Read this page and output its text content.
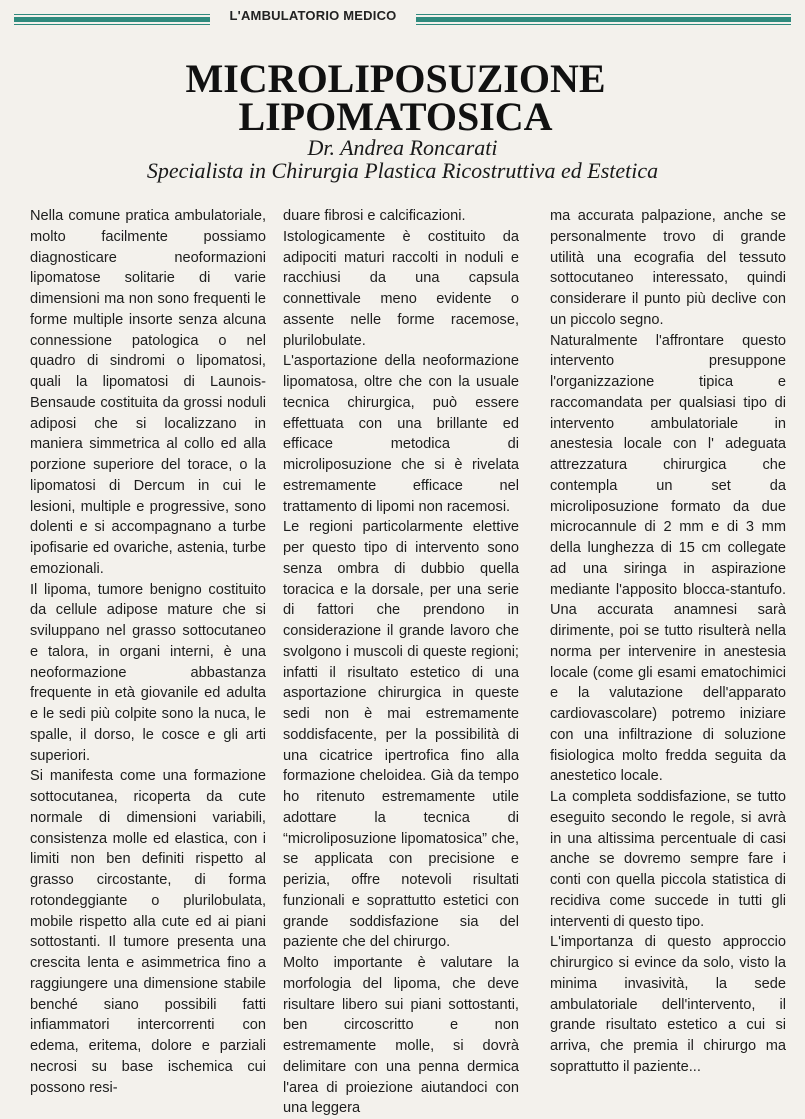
L'AMBULATORIO MEDICO
MICROLIPOSUZIONE
LIPOMATOSICA
Dr. Andrea Roncarati
Specialista in Chirurgia Plastica Ricostruttiva ed Estetica

Nella comune pratica ambulatoriale, molto facilmente possiamo diagnosticare neoformazioni lipomatose solitarie di varie dimensioni ma non sono frequenti le forme multiple insorte senza alcuna connessione patologica o nel quadro di sindromi o lipomatosi, quali la lipomatosi di Launois-Bensaude costituita da grossi noduli adiposi che si localizzano in maniera simmetrica al collo ed alla porzione superiore del torace, o la lipomatosi di Dercum in cui le lesioni, multiple e progressive, sono dolenti e si accompagnano a turbe ipofisarie ed ovariche, astenia, turbe emozionali.

Il lipoma, tumore benigno costituito da cellule adipose mature che si sviluppano nel grasso sottocutaneo e talora, in organi interni, è una neoformazione abbastanza frequente in età giovanile ed adulta e le sedi più colpite sono la nuca, le spalle, il dorso, le cosce e gli arti superiori.

Si manifesta come una formazione sottocutanea, ricoperta da cute normale di dimensioni variabili, consistenza molle ed elastica, con i limiti non ben definiti rispetto al grasso circostante, di forma rotondeggiante o plurilobulata, mobile rispetto alla cute ed ai piani sottostanti. Il tumore presenta una crescita lenta e asimmetrica fino a raggiungere una dimensione stabile benché siano possibili fatti infiammatori intercorrenti con edema, eritema, dolore e parziali necrosi su base ischemica cui possono resi-

duare fibrosi e calcificazioni.

Istologicamente è costituito da adipociti maturi raccolti in noduli e racchiusi da una capsula connettivale meno evidente o assente nelle forme racemose, plurilobulate.

L'asportazione della neoformazione lipomatosa, oltre che con la usuale tecnica chirurgica, può essere effettuata con una brillante ed efficace metodica di microliposuzione che si è rivelata estremamente efficace nel trattamento di lipomi non racemosi.

Le regioni particolarmente elettive per questo tipo di intervento sono senza ombra di dubbio quella toracica e la dorsale, per una serie di fattori che prendono in considerazione il grande lavoro che svolgono i muscoli di queste regioni; infatti il risultato estetico di una asportazione chirurgica in queste sedi non è mai estremamente soddisfacente, per la possibilità di una cicatrice ipertrofica fino alla formazione cheloidea. Già da tempo ho ritenuto estremamente utile adottare la tecnica di “microliposuzione lipomatosica” che, se applicata con precisione e perizia, offre notevoli risultati funzionali e soprattutto estetici con grande soddisfazione sia del paziente che del chirurgo.

Molto importante è valutare la morfologia del lipoma, che deve risultare libero sui piani sottostanti, ben circoscritto e non estremamente molle, si dovrà delimitare con una penna dermica l'area di proiezione aiutandoci con una leggera

ma accurata palpazione, anche se personalmente trovo di grande utilità una ecografia del tessuto sottocutaneo interessato, quindi considerare il punto più declive con un piccolo segno.

Naturalmente l'affrontare questo intervento presuppone l'organizzazione tipica e raccomandata per qualsiasi tipo di intervento ambulatoriale in anestesia locale con l' adeguata attrezzatura chirurgica che contempla un set da microliposuzione formato da due microcannule di 2 mm e di 3 mm della lunghezza di 15 cm collegate ad una siringa in aspirazione mediante l'apposito blocca-stantufo. Una accurata anamnesi sarà dirimente, poi se tutto risulterà nella norma per intervenire in anestesia locale (come gli esami ematochimici e la valutazione dell'apparato cardiovascolare) potremo iniziare con una infiltrazione di soluzione fisiologica molto fredda seguita da anestetico locale.

La completa soddisfazione, se tutto eseguito secondo le regole, si avrà in una altissima percentuale di casi anche se dovremo sempre fare i conti con quella piccola statistica di recidiva come succede in tutti gli interventi di questo tipo.

L'importanza di questo approccio chirurgico si evince da solo, visto la minima invasività, la sede ambulatoriale dell'intervento, il grande risultato estetico a cui si arriva, che premia il chirurgo ma soprattutto il paziente...
